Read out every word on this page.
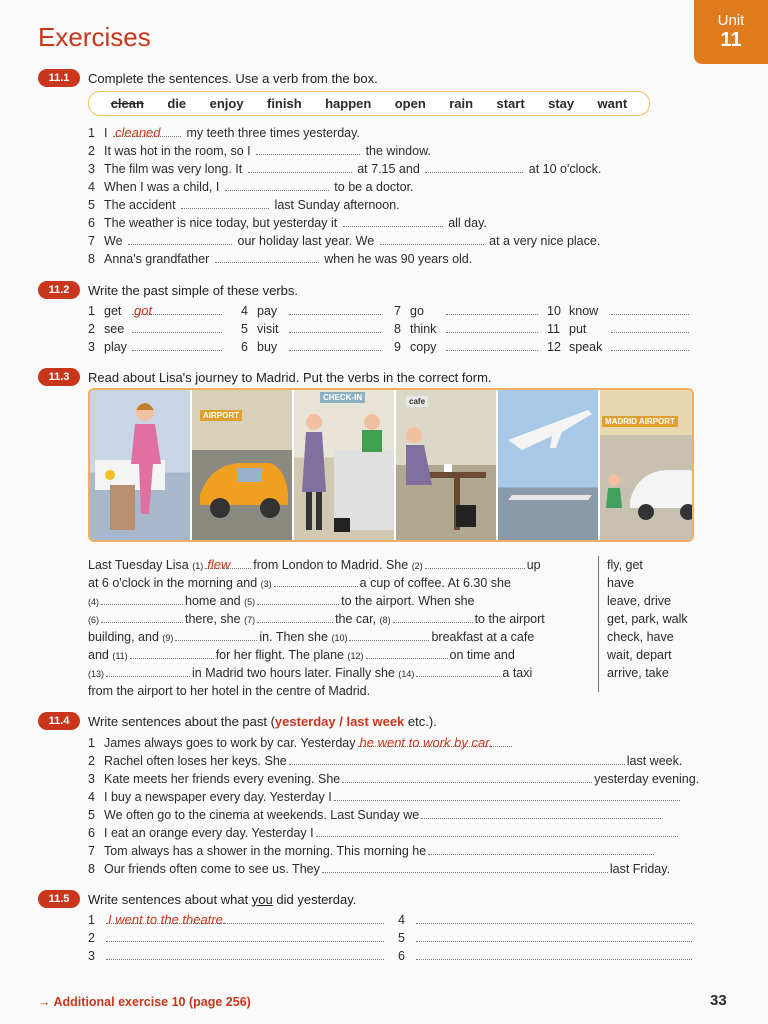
Exercises
Unit
11
11.1	Complete the sentences. Use a verb from the box.
clean die enjoy finish happen open rain start stay want
1 I cleaned my teeth three times yesterday.
2 It was hot in the room, so I	the window.
3 The film was very long. It	at 7.15 and	at 10 o'clock.
4 When I was a child, I	to be a doctor.
5 The accident	last Sunday afternoon.
6 The weather is nice today, but yesterday it	all day.
7 We	our holiday last year. We	at a very nice place.
8 Anna's grandfather	when he was 90 years old.
11.2	Write the past simple of these verbs.
1 get got
2 see
3 play
4 pay
5 visit
6 buy
7 go
8 think
9 copy
10 know
11 put
12 speak
11.3	Read about Lisa's journey to Madrid. Put the verbs in the correct form.
AIRPORT
CHECK-IN	cafe
MADRID AIRPORT
Last Tuesday Lisa (1) flew from London to Madrid. She (2)	up
at 6 o'clock in the morning and (3)	a cup of coffee. At 6.30 she
(4)	home and (5)	to the airport. When she
(6)	there, she (7)	the car, (8)	to the airport
building, and (9)	in. Then she (10)	breakfast at a cafe
and (11)	for her flight. The plane (12)	on time and
(13)	in Madrid two hours later. Finally she (14)	a taxi
from the airport to her hotel in the centre of Madrid.
fly, get
have
leave, drive
get, park, walk
check, have
wait, depart
arrive, take
11.4	Write sentences about the past (yesterday / last week etc.).
1 James always goes to work by car. Yesterday he went to work by car.
2 Rachel often loses her keys. She	last week.
3 Kate meets her friends every evening. She	yesterday evening.
4 I buy a newspaper every day. Yesterday I
5 We often go to the cinema at weekends. Last Sunday we
6 I eat an orange every day. Yesterday I
7 Tom always has a shower in the morning. This morning he
8 Our friends often come to see us. They	last Friday.
11.5	Write sentences about what you did yesterday.
1 I went to the theatre.
2
3
4
5
6
→ Additional exercise 10 (page 256)	33
